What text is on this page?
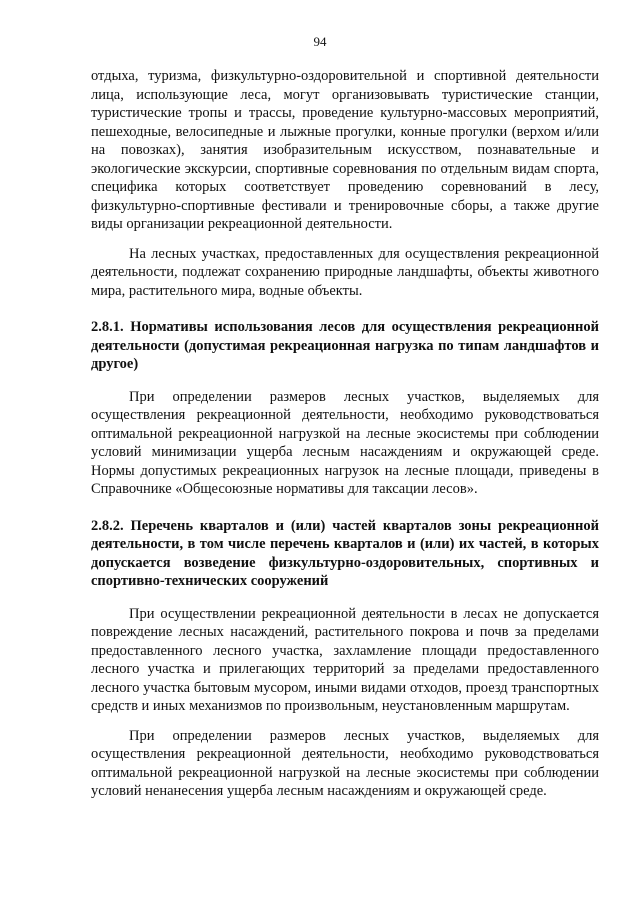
94

отдыха, туризма, физкультурно-оздоровительной и спортивной деятельности лица, использующие леса, могут организовывать туристические станции, туристические тропы и трассы, проведение культурно-массовых мероприятий, пешеходные, велосипедные и лыжные прогулки, конные прогулки (верхом и/или на повозках), занятия изобразительным искусством, познавательные и экологические экскурсии, спортивные соревнования по отдельным видам спорта, специфика которых соответствует проведению соревнований в лесу, физкультурно-спортивные фестивали и тренировочные сборы, а также другие виды организации рекреационной деятельности.

На лесных участках, предоставленных для осуществления рекреационной деятельности, подлежат сохранению природные ландшафты, объекты животного мира, растительного мира, водные объекты.

2.8.1. Нормативы использования лесов для осуществления рекреационной деятельности (допустимая рекреационная нагрузка по типам ландшафтов и другое)

При определении размеров лесных участков, выделяемых для осуществления рекреационной деятельности, необходимо руководствоваться оптимальной рекреационной нагрузкой на лесные экосистемы при соблюдении условий минимизации ущерба лесным насаждениям и окружающей среде. Нормы допустимых рекреационных нагрузок на лесные площади, приведены в Справочнике «Общесоюзные нормативы для таксации лесов».

2.8.2. Перечень кварталов и (или) частей кварталов зоны рекреационной деятельности, в том числе перечень кварталов и (или) их частей, в которых допускается возведение физкультурно-оздоровительных, спортивных и спортивно-технических сооружений

При осуществлении рекреационной деятельности в лесах не допускается повреждение лесных насаждений, растительного покрова и почв за пределами предоставленного лесного участка, захламление площади предоставленного лесного участка и прилегающих территорий за пределами предоставленного лесного участка бытовым мусором, иными видами отходов, проезд транспортных средств и иных механизмов по произвольным, неустановленным маршрутам.

При определении размеров лесных участков, выделяемых для осуществления рекреационной деятельности, необходимо руководствоваться оптимальной рекреационной нагрузкой на лесные экосистемы при соблюдении условий ненанесения ущерба лесным насаждениям и окружающей среде.
